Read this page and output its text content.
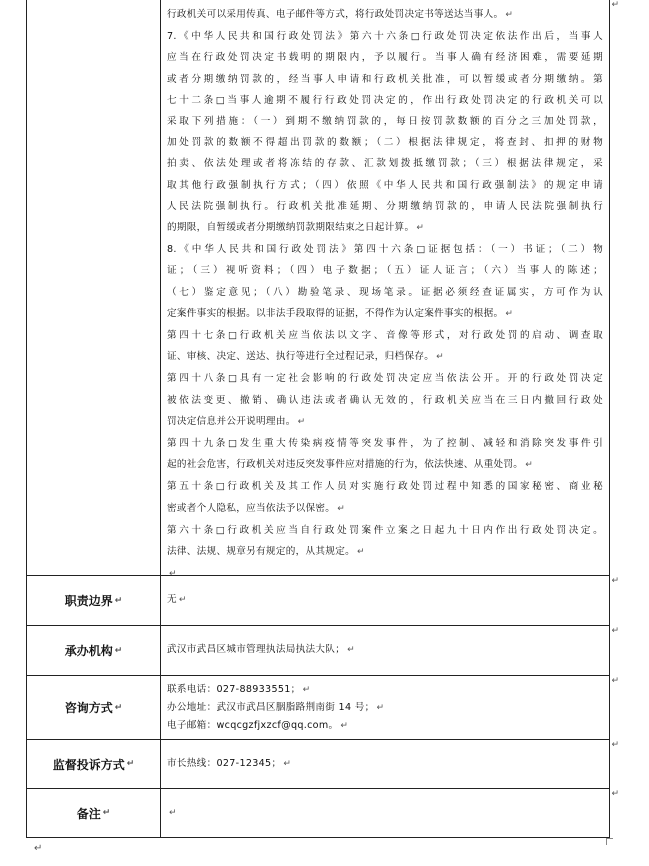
行政机关可以采用传真、电子邮件等方式，将行政处罚决定书等送达当事人。 ↵
7.《中华人民共和国行政处罚法》第六十六条□行政处罚决定依法作出后，当事人
应当在行政处罚决定书载明的期限内，予以履行。当事人确有经济困难，需要延期
或者分期缴纳罚款的，经当事人申请和行政机关批准，可以暂缓或者分期缴纳。第
七十二条□当事人逾期不履行行政处罚决定的，作出行政处罚决定的行政机关可以
采取下列措施：（一）到期不缴纳罚款的，每日按罚款数额的百分之三加处罚款，
加处罚款的数额不得超出罚款的数额；（二）根据法律规定，将查封、扣押的财物
拍卖、依法处理或者将冻结的存款、汇款划拨抵缴罚款；（三）根据法律规定，采
取其他行政强制执行方式；（四）依照《中华人民共和国行政强制法》的规定申请
人民法院强制执行。行政机关批准延期、分期缴纳罚款的，申请人民法院强制执行
的期限，自暂缓或者分期缴纳罚款期限结束之日起计算。 ↵
8.《中华人民共和国行政处罚法》第四十六条□证据包括：（一）书证；（二）物
证；（三）视听资料；（四）电子数据；（五）证人证言；（六）当事人的陈述；
（七）鉴定意见；（八）勘验笔录、现场笔录。证据必须经查证属实，方可作为认
定案件事实的根据。以非法手段取得的证据，不得作为认定案件事实的根据。 ↵
第四十七条□行政机关应当依法以文字、音像等形式，对行政处罚的启动、调查取
证、审核、决定、送达、执行等进行全过程记录，归档保存。 ↵
第四十八条□具有一定社会影响的行政处罚决定应当依法公开。开的行政处罚决定
被依法变更、撤销、确认违法或者确认无效的，行政机关应当在三日内撤回行政处
罚决定信息并公开说明理由。 ↵
第四十九条□发生重大传染病疫情等突发事件，为了控制、减轻和消除突发事件引
起的社会危害，行政机关对违反突发事件应对措施的行为，依法快速、从重处罚。 ↵
第五十条□行政机关及其工作人员对实施行政处罚过程中知悉的国家秘密、商业秘
密或者个人隐私，应当依法予以保密。 ↵
第六十条□行政机关应当自行政处罚案件立案之日起九十日内作出行政处罚决定。
法律、法规、规章另有规定的，从其规定。 ↵
↵
↵
职责边界 ↵	无 ↵
↵
承办机构 ↵	武汉市武昌区城市管理执法局执法大队； ↵
↵
咨询方式 ↵
联系电话：027-88933551； ↵
办公地址：武汉市武昌区胭脂路荆南街 14 号； ↵
电子邮箱：wcqcgzfjxzcf@qq.com。 ↵
↵
监督投诉方式 ↵	市长热线：027-12345； ↵
↵
备注 ↵	↵
↵
↵
